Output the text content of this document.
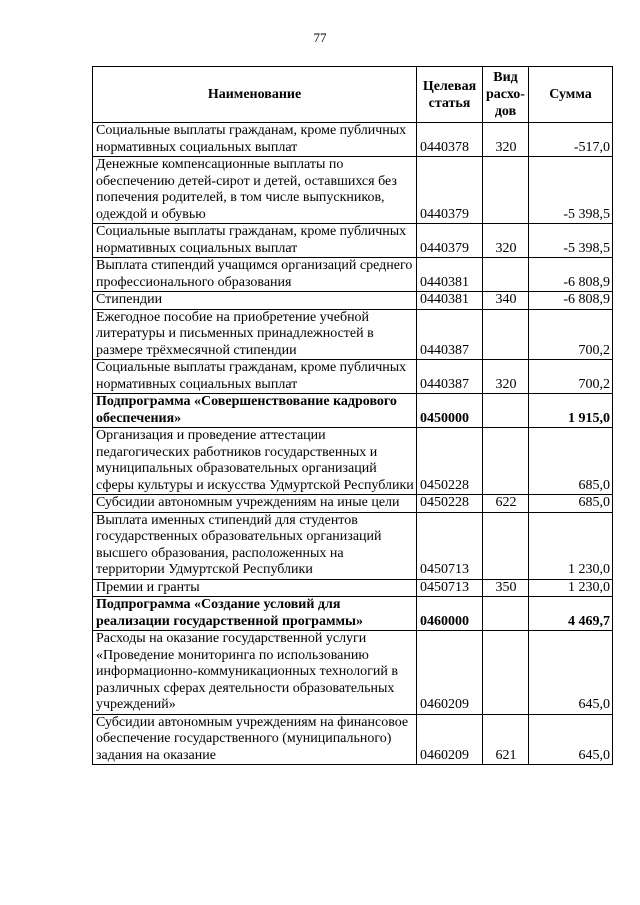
77
Наименование	Целевая статья	Вид расхо-дов	Сумма
Социальные выплаты гражданам, кроме публичных нормативных социальных выплат	0440378	320	-517,0
Денежные компенсационные выплаты по обеспечению детей-сирот и детей, оставшихся без попечения родителей, в том числе выпускников, одеждой и обувью	0440379		-5 398,5
Социальные выплаты гражданам, кроме публичных нормативных социальных выплат	0440379	320	-5 398,5
Выплата стипендий учащимся организаций среднего профессионального образования	0440381		-6 808,9
Стипендии	0440381	340	-6 808,9
Ежегодное пособие на приобретение учебной литературы и письменных принадлежностей в размере трёхмесячной стипендии	0440387		700,2
Социальные выплаты гражданам, кроме публичных нормативных социальных выплат	0440387	320	700,2
Подпрограмма «Совершенствование кадрового обеспечения»	0450000		1 915,0
Организация и проведение аттестации педагогических работников государственных и муниципальных образовательных организаций сферы культуры и искусства Удмуртской Республики	0450228		685,0
Субсидии автономным учреждениям на иные цели	0450228	622	685,0
Выплата именных стипендий для студентов государственных образовательных организаций высшего образования, расположенных на территории Удмуртской Республики	0450713		1 230,0
Премии и гранты	0450713	350	1 230,0
Подпрограмма «Создание условий для реализации государственной программы»	0460000		4 469,7
Расходы на оказание государственной услуги «Проведение мониторинга по использованию информационно-коммуникационных технологий в различных сферах деятельности образовательных учреждений»	0460209		645,0
Субсидии автономным учреждениям на финансовое обеспечение государственного (муниципального) задания на оказание	0460209	621	645,0
